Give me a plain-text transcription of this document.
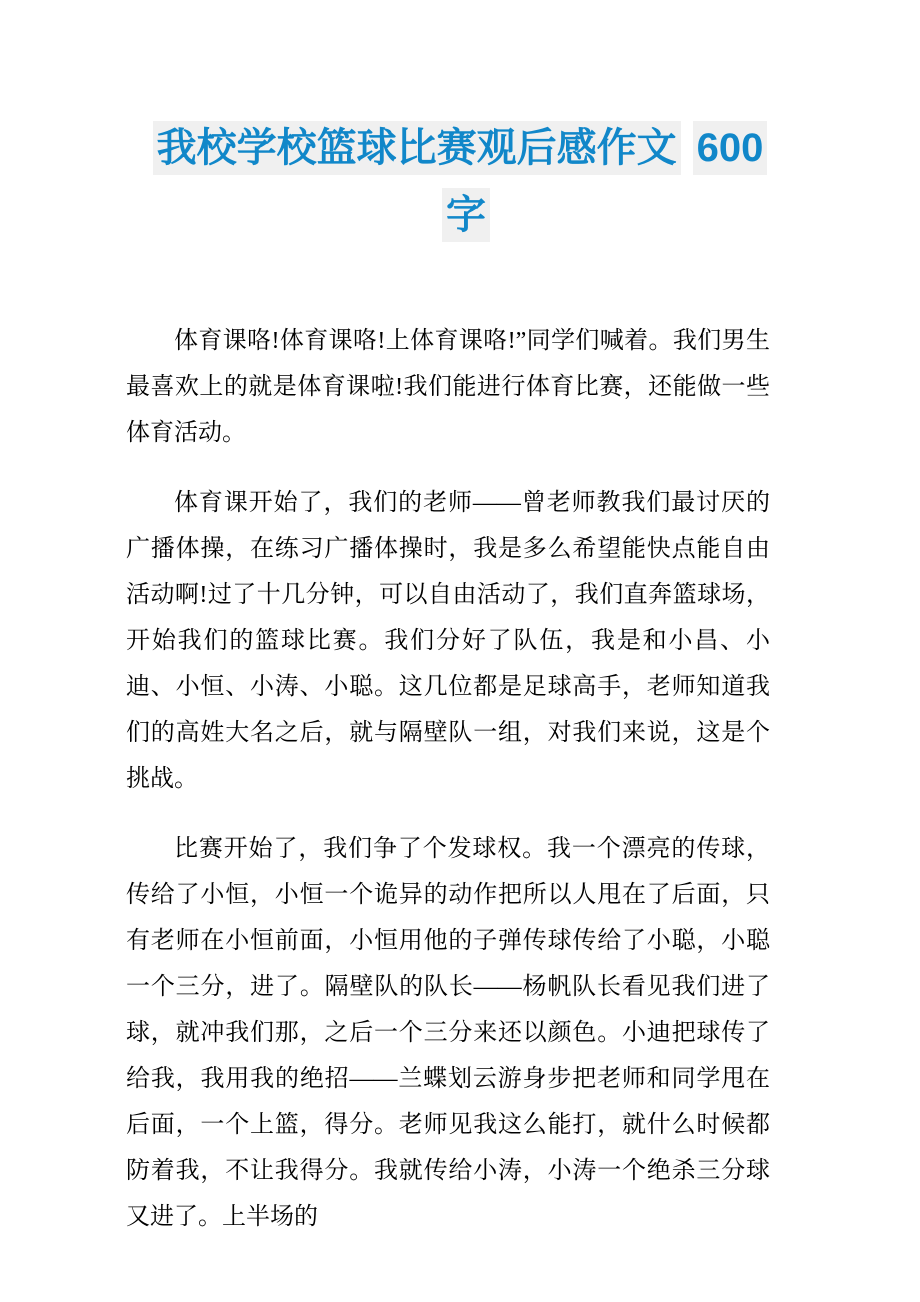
我校学校篮球比赛观后感作文 600字

体育课咯!体育课咯!上体育课咯!”同学们喊着。我们男生最喜欢上的就是体育课啦!我们能进行体育比赛，还能做一些体育活动。

体育课开始了，我们的老师——曾老师教我们最讨厌的广播体操，在练习广播体操时，我是多么希望能快点能自由活动啊!过了十几分钟，可以自由活动了，我们直奔篮球场，开始我们的篮球比赛。我们分好了队伍，我是和小昌、小迪、小恒、小涛、小聪。这几位都是足球高手，老师知道我们的高姓大名之后，就与隔壁队一组，对我们来说，这是个挑战。

比赛开始了，我们争了个发球权。我一个漂亮的传球，传给了小恒，小恒一个诡异的动作把所以人甩在了后面，只有老师在小恒前面，小恒用他的子弹传球传给了小聪，小聪一个三分，进了。隔壁队的队长——杨帆队长看见我们进了球，就冲我们那，之后一个三分来还以颜色。小迪把球传了给我，我用我的绝招——兰蝶划云游身步把老师和同学甩在后面，一个上篮，得分。老师见我这么能打，就什么时候都防着我，不让我得分。我就传给小涛，小涛一个绝杀三分球又进了。上半场的
